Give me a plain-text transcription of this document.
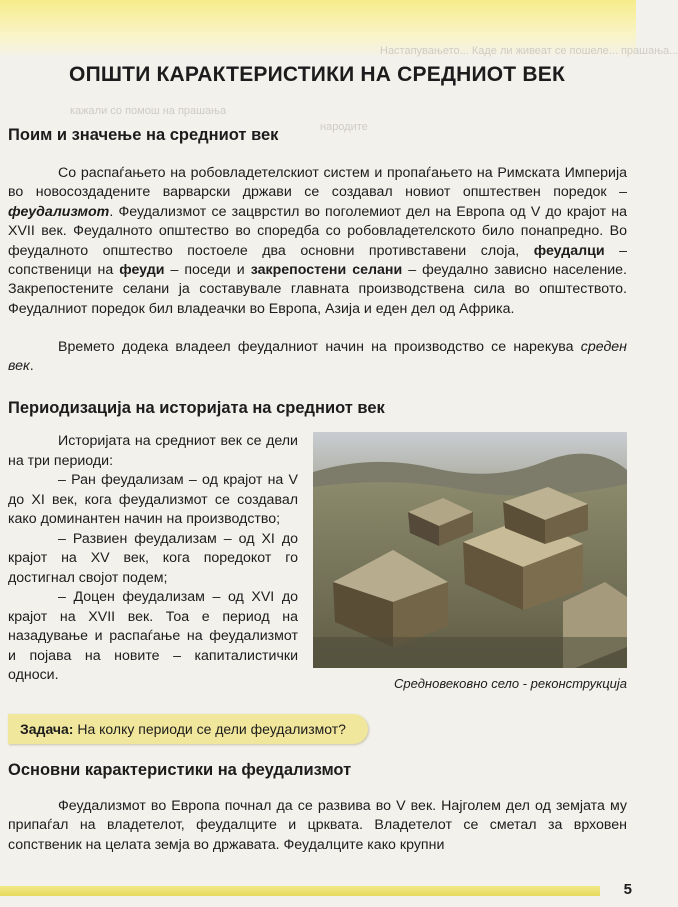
Настапувањето... Каде ли живеат се пошеле... прашања...
кажали со помош на прашања
народите
ОПШТИ КАРАКТЕРИСТИКИ НА СРЕДНИОТ ВЕК
Поим и значење на средниот век
Со распаѓањето на робовладетелскиот систем и пропаѓањето на Римската Империја во новосоздадените варварски држави се создавал новиот општествен поредок – феудализмот. Феудализмот се зацврстил во поголемиот дел на Европа од V до крајот на XVII век. Феудалното општество во споредба со робовладетелското било понапредно. Во феудалното општество постоеле два основни противставени слоја, феудалци – сопственици на феуди – поседи и закрепостени селани – феудално зависно население. Закрепостените селани ја составувале главната производствена сила во општеството. Феудалниот поредок бил владеачки во Европа, Азија и еден дел од Африка.
Времето додека владеел феудалниот начин на производство се нарекува среден век.
Периодизација на историјата на средниот век

Историјата на средниот век се дели на три периоди:

– Ран феудализам – од крајот на V до XI век, кога феудализмот се создавал како доминантен начин на производство;

– Развиен феудализам – од XI до крајот на XV век, кога поредокот го достигнал својот подем;

– Доцен феудализам – од XVI до крајот на XVII век. Тоа е период на назадување и распаѓање на феудализмот и појава на новите – капиталистички односи.

Средновековно село - реконструкција
Задача: На колку периоди се дели феудализмот?
Основни карактеристики на феудализмот
Феудализмот во Европа почнал да се развива во V век. Најголем дел од земјата му припаѓал на владетелот, феудалците и црквата. Владетелот се сметал за врховен сопственик на целата земја во државата. Феудалците како крупни
5
